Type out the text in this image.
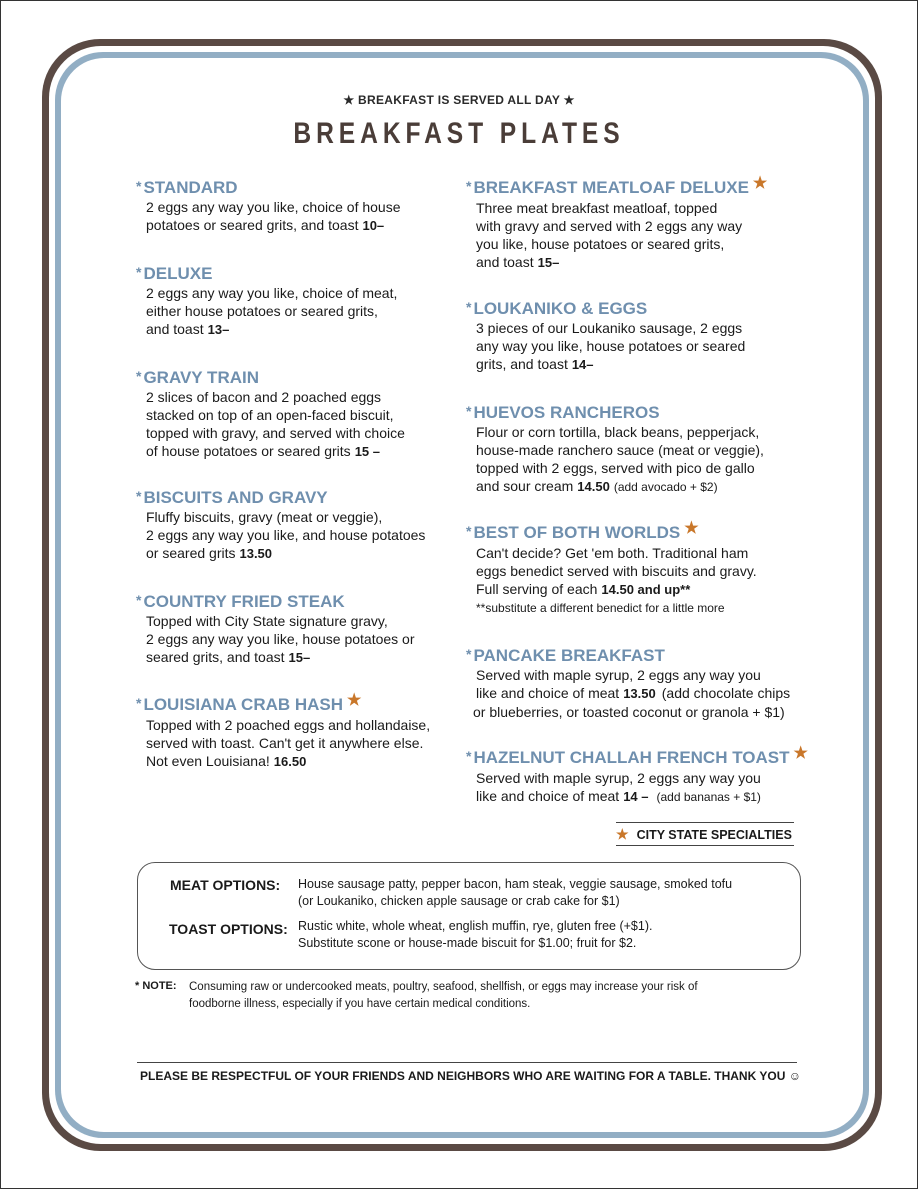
★ BREAKFAST IS SERVED ALL DAY ★
BREAKFAST PLATES
* STANDARD
2 eggs any way you like, choice of house
potatoes or seared grits, and toast 10–
* DELUXE
2 eggs any way you like, choice of meat,
either house potatoes or seared grits,
and toast 13–
* GRAVY TRAIN
2 slices of bacon and 2 poached eggs
stacked on top of an open-faced biscuit,
topped with gravy, and served with choice
of house potatoes or seared grits 15 –
* BISCUITS AND GRAVY
Fluffy biscuits, gravy (meat or veggie),
2 eggs any way you like, and house potatoes
or seared grits 13.50
* COUNTRY FRIED STEAK
Topped with City State signature gravy,
2 eggs any way you like, house potatoes or
seared grits, and toast 15–
* LOUISIANA CRAB HASH ★
Topped with 2 poached eggs and hollandaise,
served with toast. Can't get it anywhere else.
Not even Louisiana! 16.50
* BREAKFAST MEATLOAF DELUXE ★
Three meat breakfast meatloaf, topped
with gravy and served with 2 eggs any way
you like, house potatoes or seared grits,
and toast 15–
* LOUKANIKO & EGGS
3 pieces of our Loukaniko sausage, 2 eggs
any way you like, house potatoes or seared
grits, and toast 14–
* HUEVOS RANCHEROS
Flour or corn tortilla, black beans, pepperjack,
house-made ranchero sauce (meat or veggie),
topped with 2 eggs, served with pico de gallo
and sour cream 14.50 (add avocado + $2)
* BEST OF BOTH WORLDS ★
Can't decide? Get 'em both. Traditional ham
eggs benedict served with biscuits and gravy.
Full serving of each 14.50 and up**
**substitute a different benedict for a little more
* PANCAKE BREAKFAST
Served with maple syrup, 2 eggs any way you
like and choice of meat 13.50 (add chocolate chips
or blueberries, or toasted coconut or granola + $1)
* HAZELNUT CHALLAH FRENCH TOAST ★
Served with maple syrup, 2 eggs any way you
like and choice of meat 14 – (add bananas + $1)
★ CITY STATE SPECIALTIES
MEAT OPTIONS: House sausage patty, pepper bacon, ham steak, veggie sausage, smoked tofu
(or Loukaniko, chicken apple sausage or crab cake for $1)
TOAST OPTIONS: Rustic white, whole wheat, english muffin, rye, gluten free (+$1).
Substitute scone or house-made biscuit for $1.00; fruit for $2.
* NOTE: Consuming raw or undercooked meats, poultry, seafood, shellfish, or eggs may increase your risk of
foodborne illness, especially if you have certain medical conditions.
PLEASE BE RESPECTFUL OF YOUR FRIENDS AND NEIGHBORS WHO ARE WAITING FOR A TABLE. THANK YOU ☺
